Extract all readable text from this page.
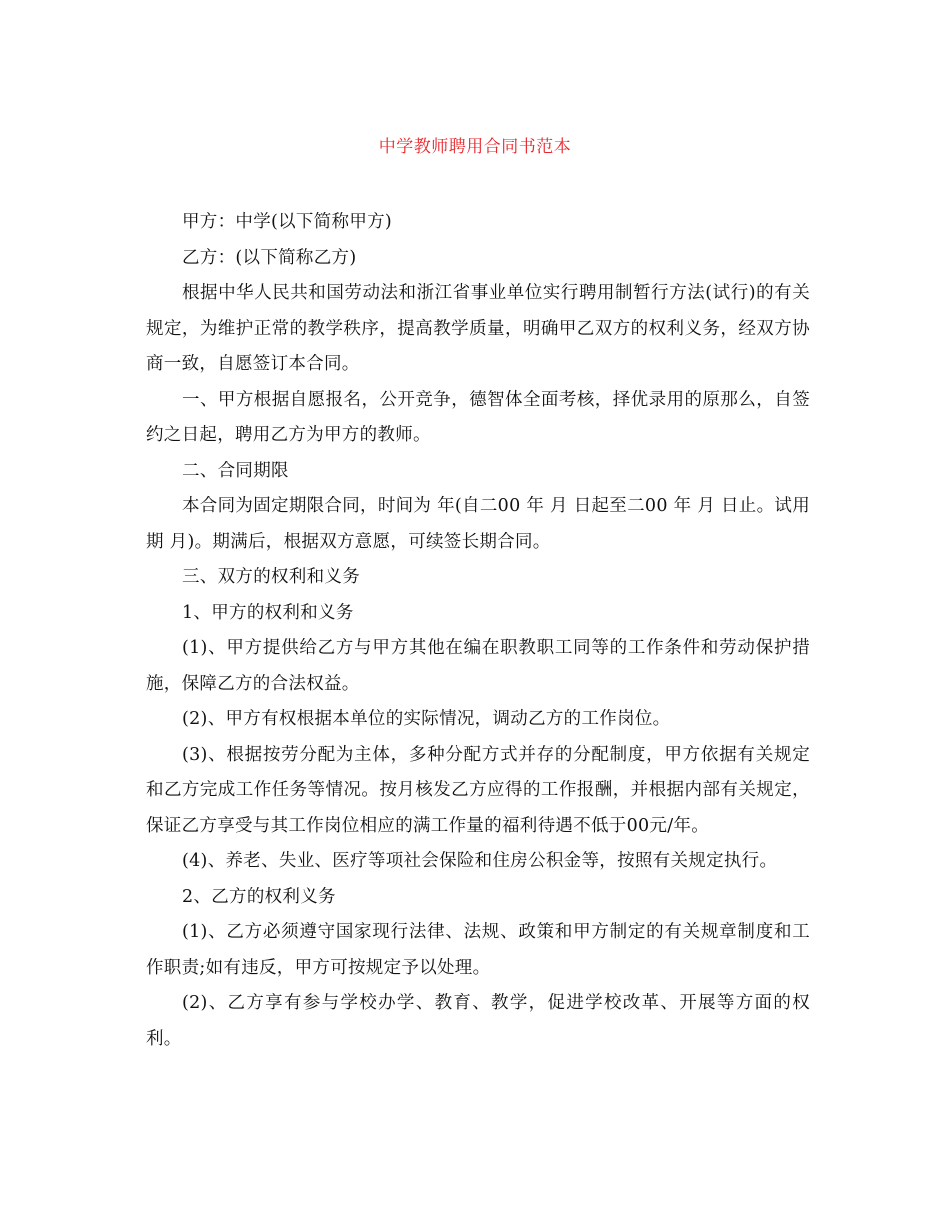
中学教师聘用合同书范本

甲方：中学(以下简称甲方)

乙方：(以下简称乙方)

根据中华人民共和国劳动法和浙江省事业单位实行聘用制暂行方法(试行)的有关规定，为维护正常的教学秩序，提高教学质量，明确甲乙双方的权利义务，经双方协商一致，自愿签订本合同。

一、甲方根据自愿报名，公开竞争，德智体全面考核，择优录用的原那么，自签约之日起，聘用乙方为甲方的教师。

二、合同期限

本合同为固定期限合同，时间为 年(自二00 年 月 日起至二00 年 月 日止。试用期 月)。期满后，根据双方意愿，可续签长期合同。

三、双方的权利和义务

1、甲方的权利和义务

(1)、甲方提供给乙方与甲方其他在编在职教职工同等的工作条件和劳动保护措施，保障乙方的合法权益。

(2)、甲方有权根据本单位的实际情况，调动乙方的工作岗位。

(3)、根据按劳分配为主体，多种分配方式并存的分配制度，甲方依据有关规定和乙方完成工作任务等情况。按月核发乙方应得的工作报酬，并根据内部有关规定，保证乙方享受与其工作岗位相应的满工作量的福利待遇不低于00元/年。

(4)、养老、失业、医疗等项社会保险和住房公积金等，按照有关规定执行。

2、乙方的权利义务

(1)、乙方必须遵守国家现行法律、法规、政策和甲方制定的有关规章制度和工作职责;如有违反，甲方可按规定予以处理。

(2)、乙方享有参与学校办学、教育、教学，促进学校改革、开展等方面的权利。
